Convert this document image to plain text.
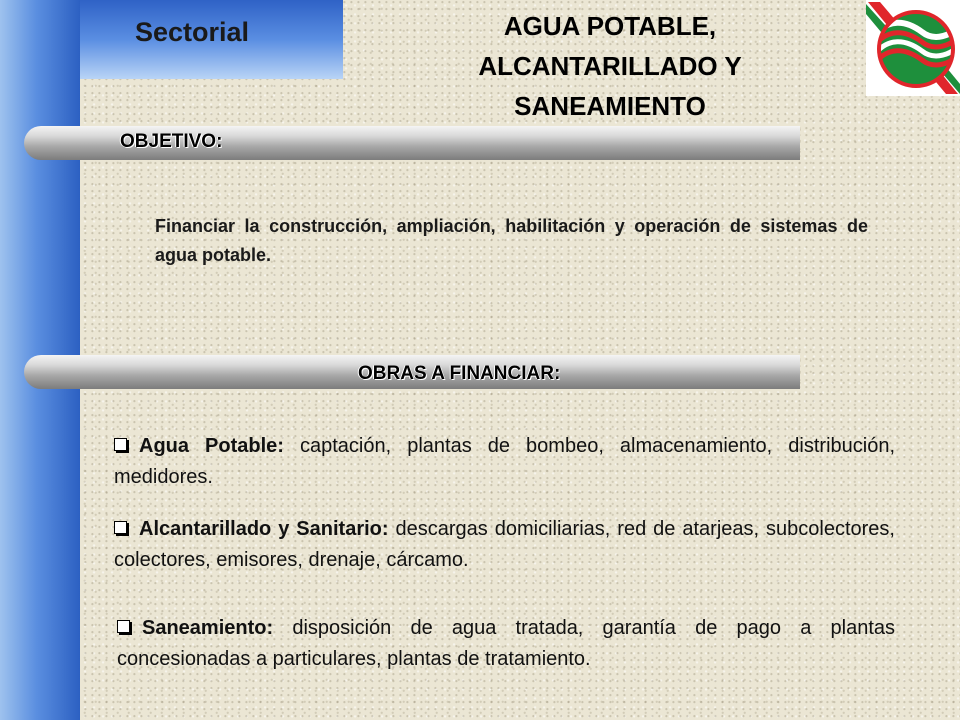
Sectorial	AGUA POTABLE,
ALCANTARILLADO Y
SANEAMIENTO
OBJETIVO:
Financiar la construcción, ampliación, habilitación y operación de sistemas de agua potable.
OBRAS A FINANCIAR:
Agua Potable: captación, plantas de bombeo, almacenamiento, distribución, medidores.
Alcantarillado y Sanitario: descargas domiciliarias, red de atarjeas, subcolectores, colectores, emisores, drenaje, cárcamo.
Saneamiento: disposición de agua tratada, garantía de pago a plantas concesionadas a particulares, plantas de tratamiento.
